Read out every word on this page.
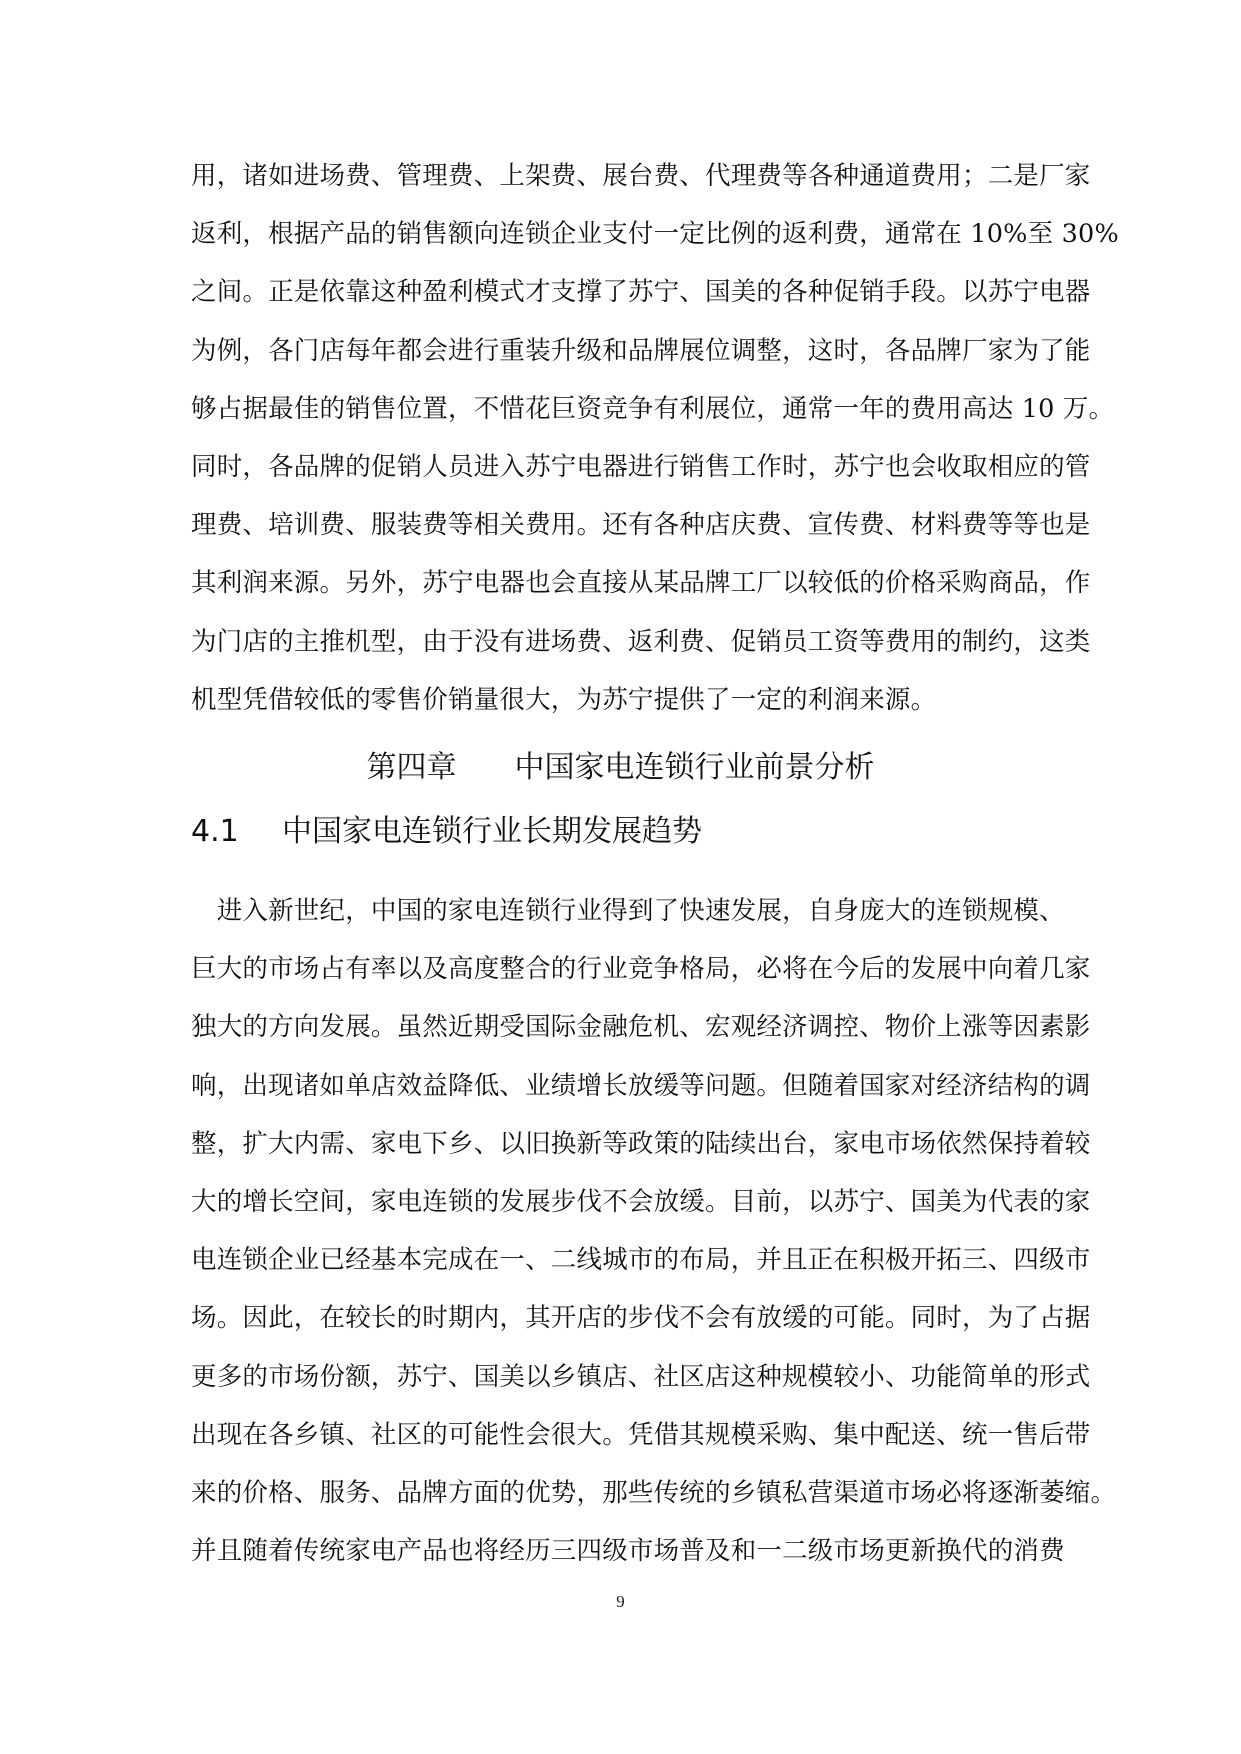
用，诸如进场费、管理费、上架费、展台费、代理费等各种通道费用；二是厂家
返利，根据产品的销售额向连锁企业支付一定比例的返利费，通常在 10%至 30%
之间。正是依靠这种盈利模式才支撑了苏宁、国美的各种促销手段。以苏宁电器
为例，各门店每年都会进行重装升级和品牌展位调整，这时，各品牌厂家为了能
够占据最佳的销售位置，不惜花巨资竞争有利展位，通常一年的费用高达 10 万。
同时，各品牌的促销人员进入苏宁电器进行销售工作时，苏宁也会收取相应的管
理费、培训费、服装费等相关费用。还有各种店庆费、宣传费、材料费等等也是
其利润来源。另外，苏宁电器也会直接从某品牌工厂以较低的价格采购商品，作
为门店的主推机型，由于没有进场费、返利费、促销员工资等费用的制约，这类
机型凭借较低的零售价销量很大，为苏宁提供了一定的利润来源。
第四章 中国家电连锁行业前景分析
4.1 中国家电连锁行业长期发展趋势
　进入新世纪，中国的家电连锁行业得到了快速发展，自身庞大的连锁规模、
巨大的市场占有率以及高度整合的行业竞争格局，必将在今后的发展中向着几家
独大的方向发展。虽然近期受国际金融危机、宏观经济调控、物价上涨等因素影
响，出现诸如单店效益降低、业绩增长放缓等问题。但随着国家对经济结构的调
整，扩大内需、家电下乡、以旧换新等政策的陆续出台，家电市场依然保持着较
大的增长空间，家电连锁的发展步伐不会放缓。目前，以苏宁、国美为代表的家
电连锁企业已经基本完成在一、二线城市的布局，并且正在积极开拓三、四级市
场。因此，在较长的时期内，其开店的步伐不会有放缓的可能。同时，为了占据
更多的市场份额，苏宁、国美以乡镇店、社区店这种规模较小、功能简单的形式
出现在各乡镇、社区的可能性会很大。凭借其规模采购、集中配送、统一售后带
来的价格、服务、品牌方面的优势，那些传统的乡镇私营渠道市场必将逐渐萎缩。
并且随着传统家电产品也将经历三四级市场普及和一二级市场更新换代的消费
9
